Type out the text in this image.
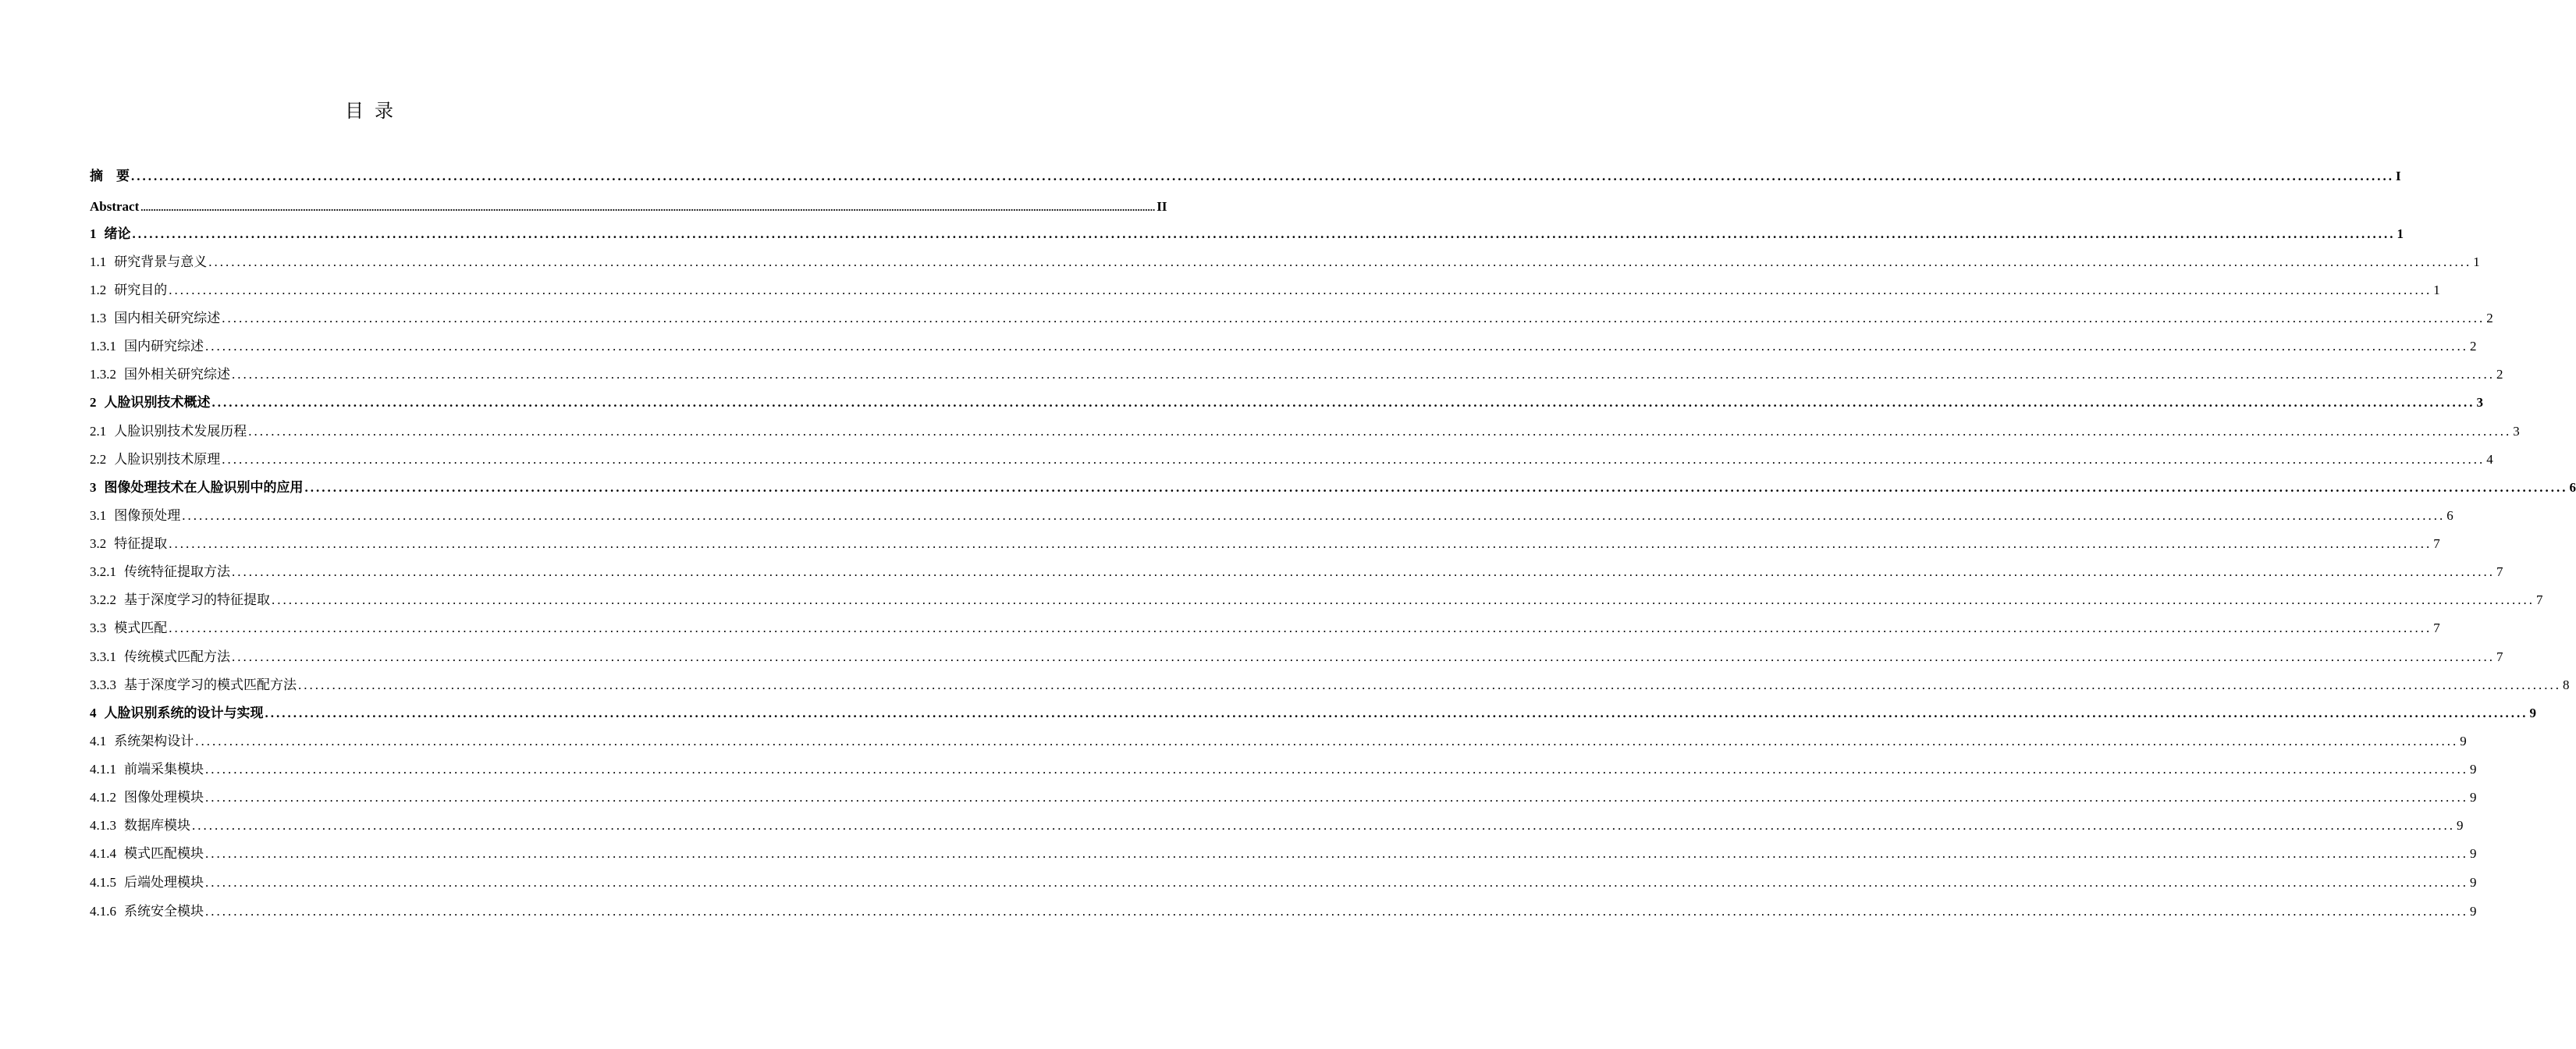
目 录
摘    要 ................................................................................................................................................................................................................................................................................................................................................................................................................ I
Abstract ................................................................................................................................................................................................................................................................................................................................................................................................................ II
1 绪论 ................................................................................................................................................................................................................................................................................................................................................................................................................ 1
1.1 研究背景与意义 ................................................................................................................................................................................................................................................................................................................................................................................................................ 1
1.2 研究目的 ................................................................................................................................................................................................................................................................................................................................................................................................................ 1
1.3 国内相关研究综述 ................................................................................................................................................................................................................................................................................................................................................................................................................ 2
1.3.1 国内研究综述 ................................................................................................................................................................................................................................................................................................................................................................................................................ 2
1.3.2 国外相关研究综述 ................................................................................................................................................................................................................................................................................................................................................................................................................ 2
2 人脸识别技术概述 ................................................................................................................................................................................................................................................................................................................................................................................................................ 3
2.1 人脸识别技术发展历程 ................................................................................................................................................................................................................................................................................................................................................................................................................ 3
2.2 人脸识别技术原理 ................................................................................................................................................................................................................................................................................................................................................................................................................ 4
3 图像处理技术在人脸识别中的应用 ................................................................................................................................................................................................................................................................................................................................................................................................................ 6
3.1 图像预处理 ................................................................................................................................................................................................................................................................................................................................................................................................................ 6
3.2 特征提取 ................................................................................................................................................................................................................................................................................................................................................................................................................ 7
3.2.1 传统特征提取方法 ................................................................................................................................................................................................................................................................................................................................................................................................................ 7
3.2.2 基于深度学习的特征提取 ................................................................................................................................................................................................................................................................................................................................................................................................................ 7
3.3 模式匹配 ................................................................................................................................................................................................................................................................................................................................................................................................................ 7
3.3.1 传统模式匹配方法 ................................................................................................................................................................................................................................................................................................................................................................................................................ 7
3.3.3 基于深度学习的模式匹配方法 ................................................................................................................................................................................................................................................................................................................................................................................................................ 8
4 人脸识别系统的设计与实现 ................................................................................................................................................................................................................................................................................................................................................................................................................ 9
4.1 系统架构设计 ................................................................................................................................................................................................................................................................................................................................................................................................................ 9
4.1.1 前端采集模块 ................................................................................................................................................................................................................................................................................................................................................................................................................ 9
4.1.2 图像处理模块 ................................................................................................................................................................................................................................................................................................................................................................................................................ 9
4.1.3 数据库模块 ................................................................................................................................................................................................................................................................................................................................................................................................................ 9
4.1.4 模式匹配模块 ................................................................................................................................................................................................................................................................................................................................................................................................................ 9
4.1.5 后端处理模块 ................................................................................................................................................................................................................................................................................................................................................................................................................ 9
4.1.6 系统安全模块 ................................................................................................................................................................................................................................................................................................................................................................................................................ 9
